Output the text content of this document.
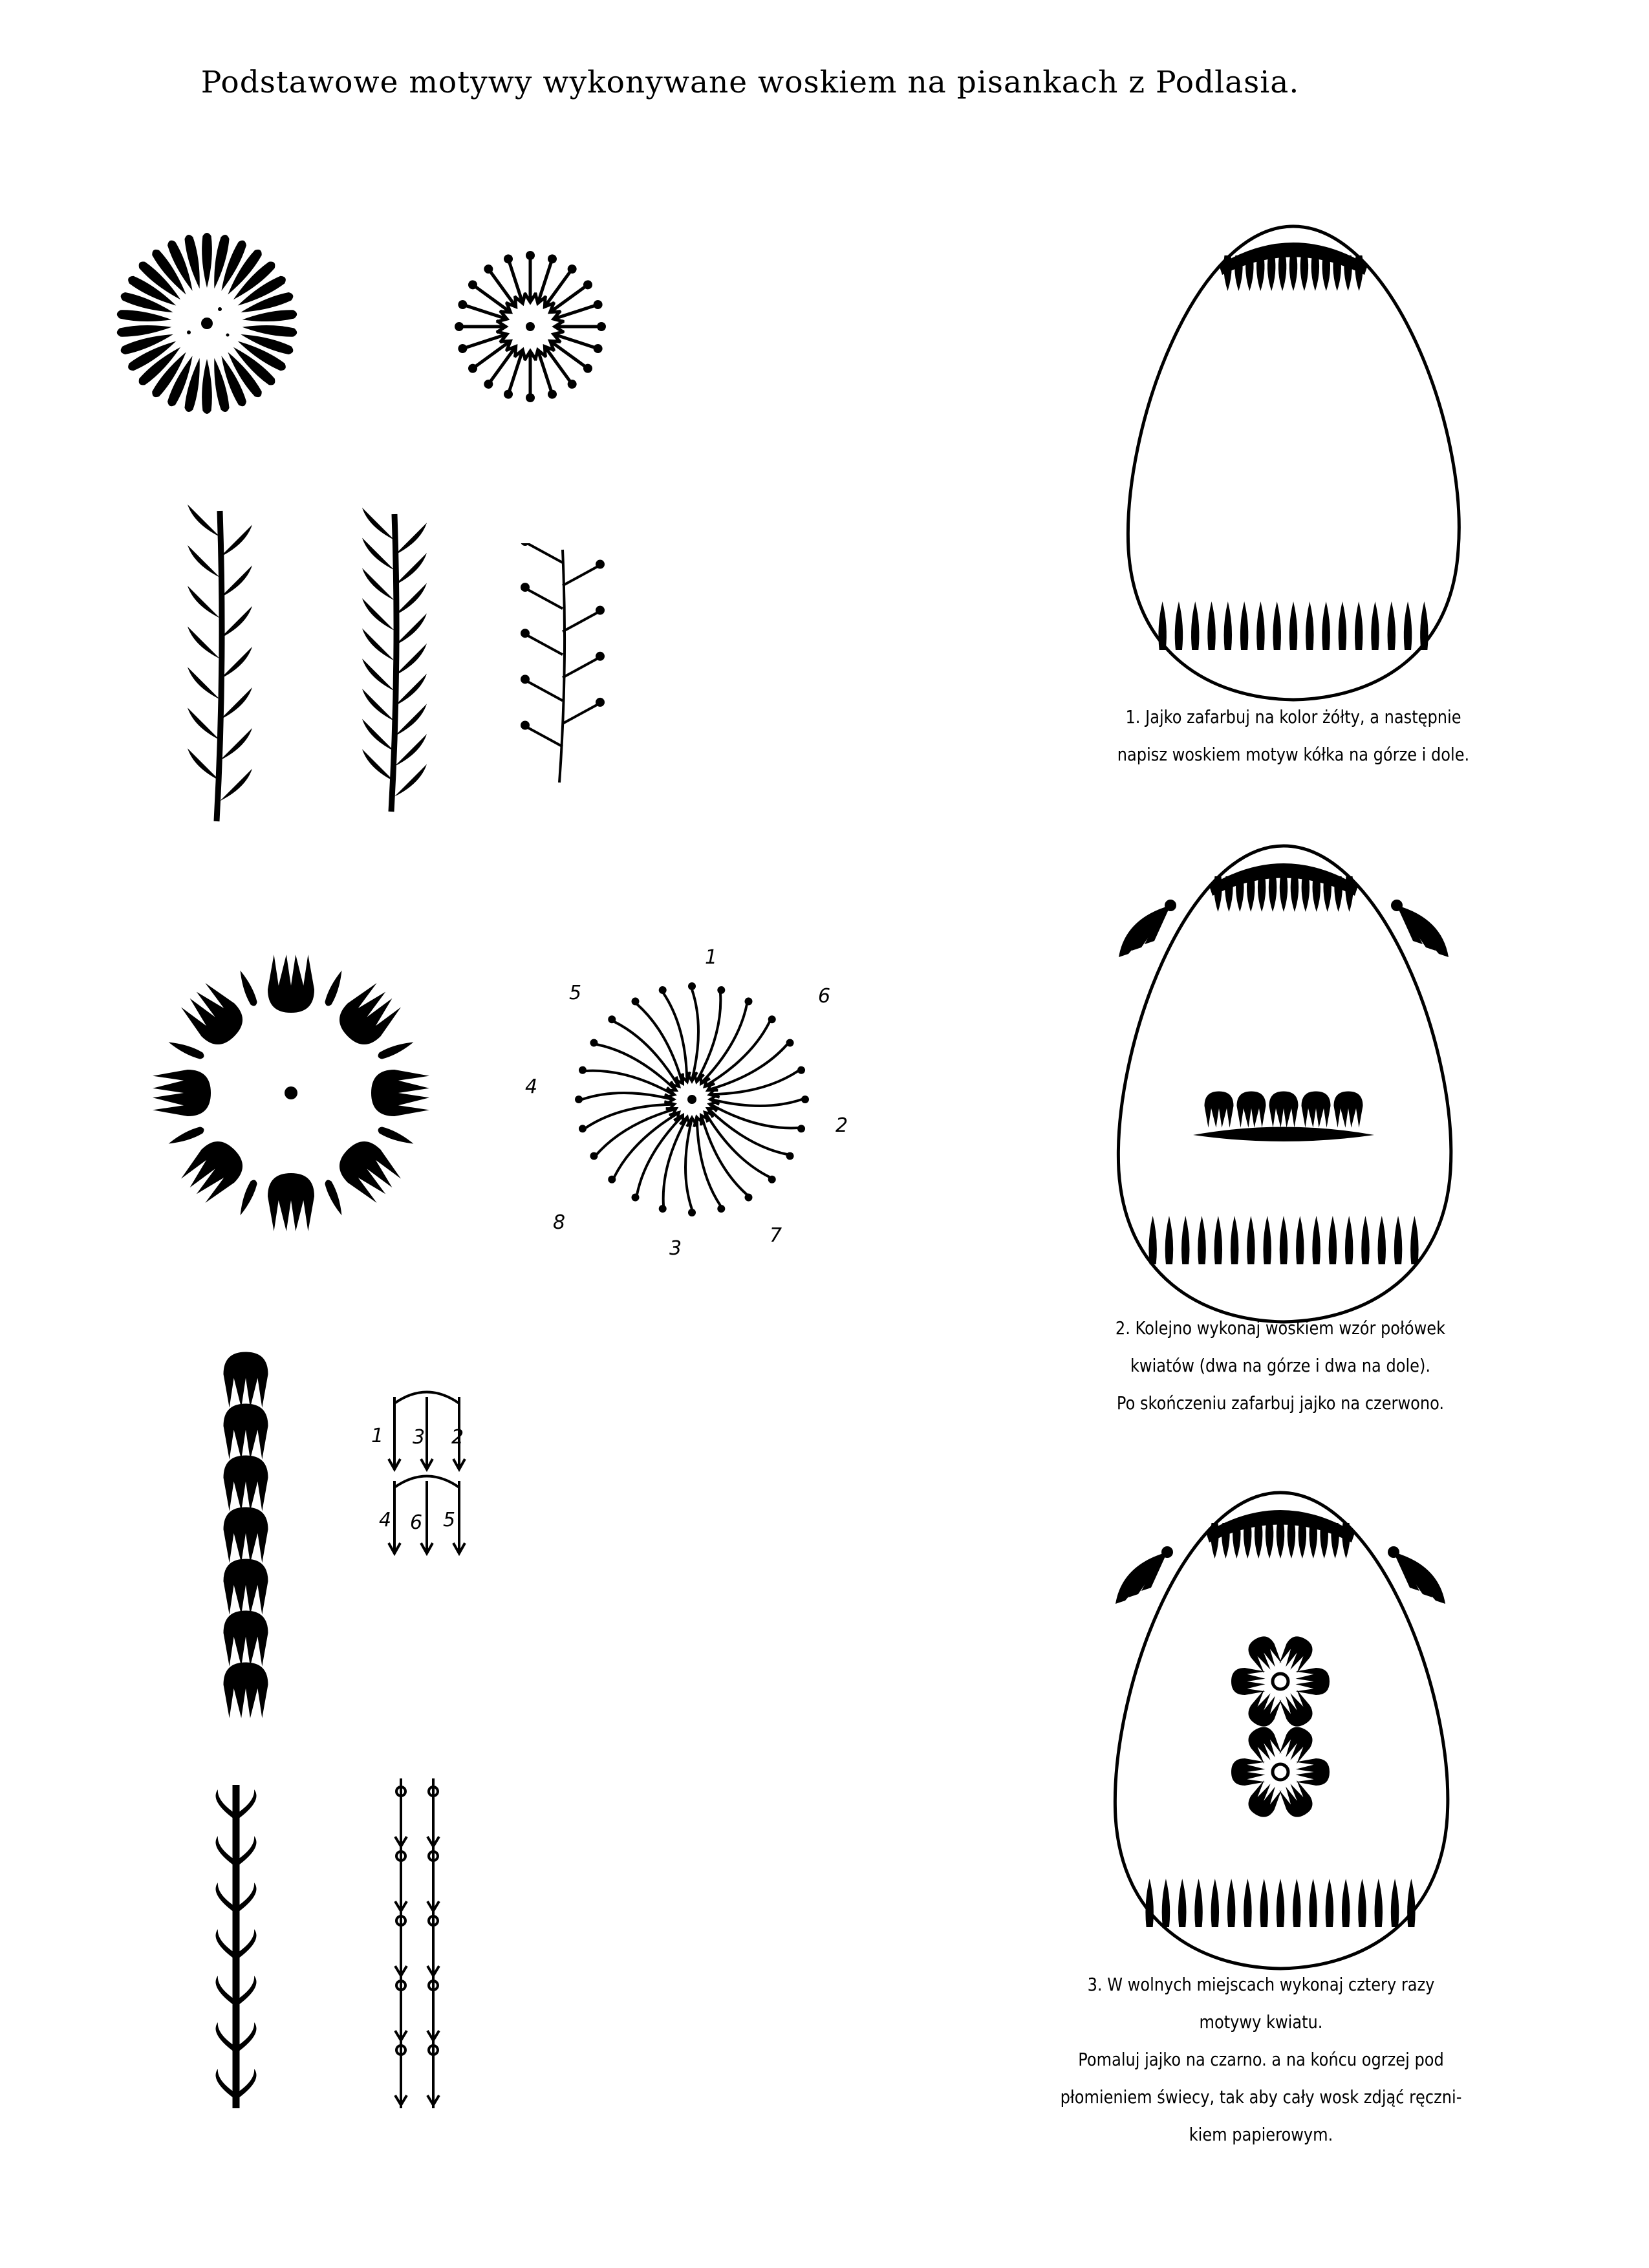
Podstawowe motywy wykonywane woskiem na pisankach z Podlasia.
1
2
3
4
5	6
7
8
1	2
3
4	5
6
1. Jajko zafarbuj na kolor żółty, a następnie
napisz woskiem motyw kółka na górze i dole.
2. Kolejno wykonaj woskiem wzór połówek
kwiatów (dwa na górze i dwa na dole).
Po skończeniu zafarbuj jajko na czerwono.
3. W wolnych miejscach wykonaj cztery razy
motywy kwiatu.
Pomaluj jajko na czarno. a na końcu ogrzej pod
płomieniem świecy, tak aby cały wosk zdjąć ręczni-
kiem papierowym.
